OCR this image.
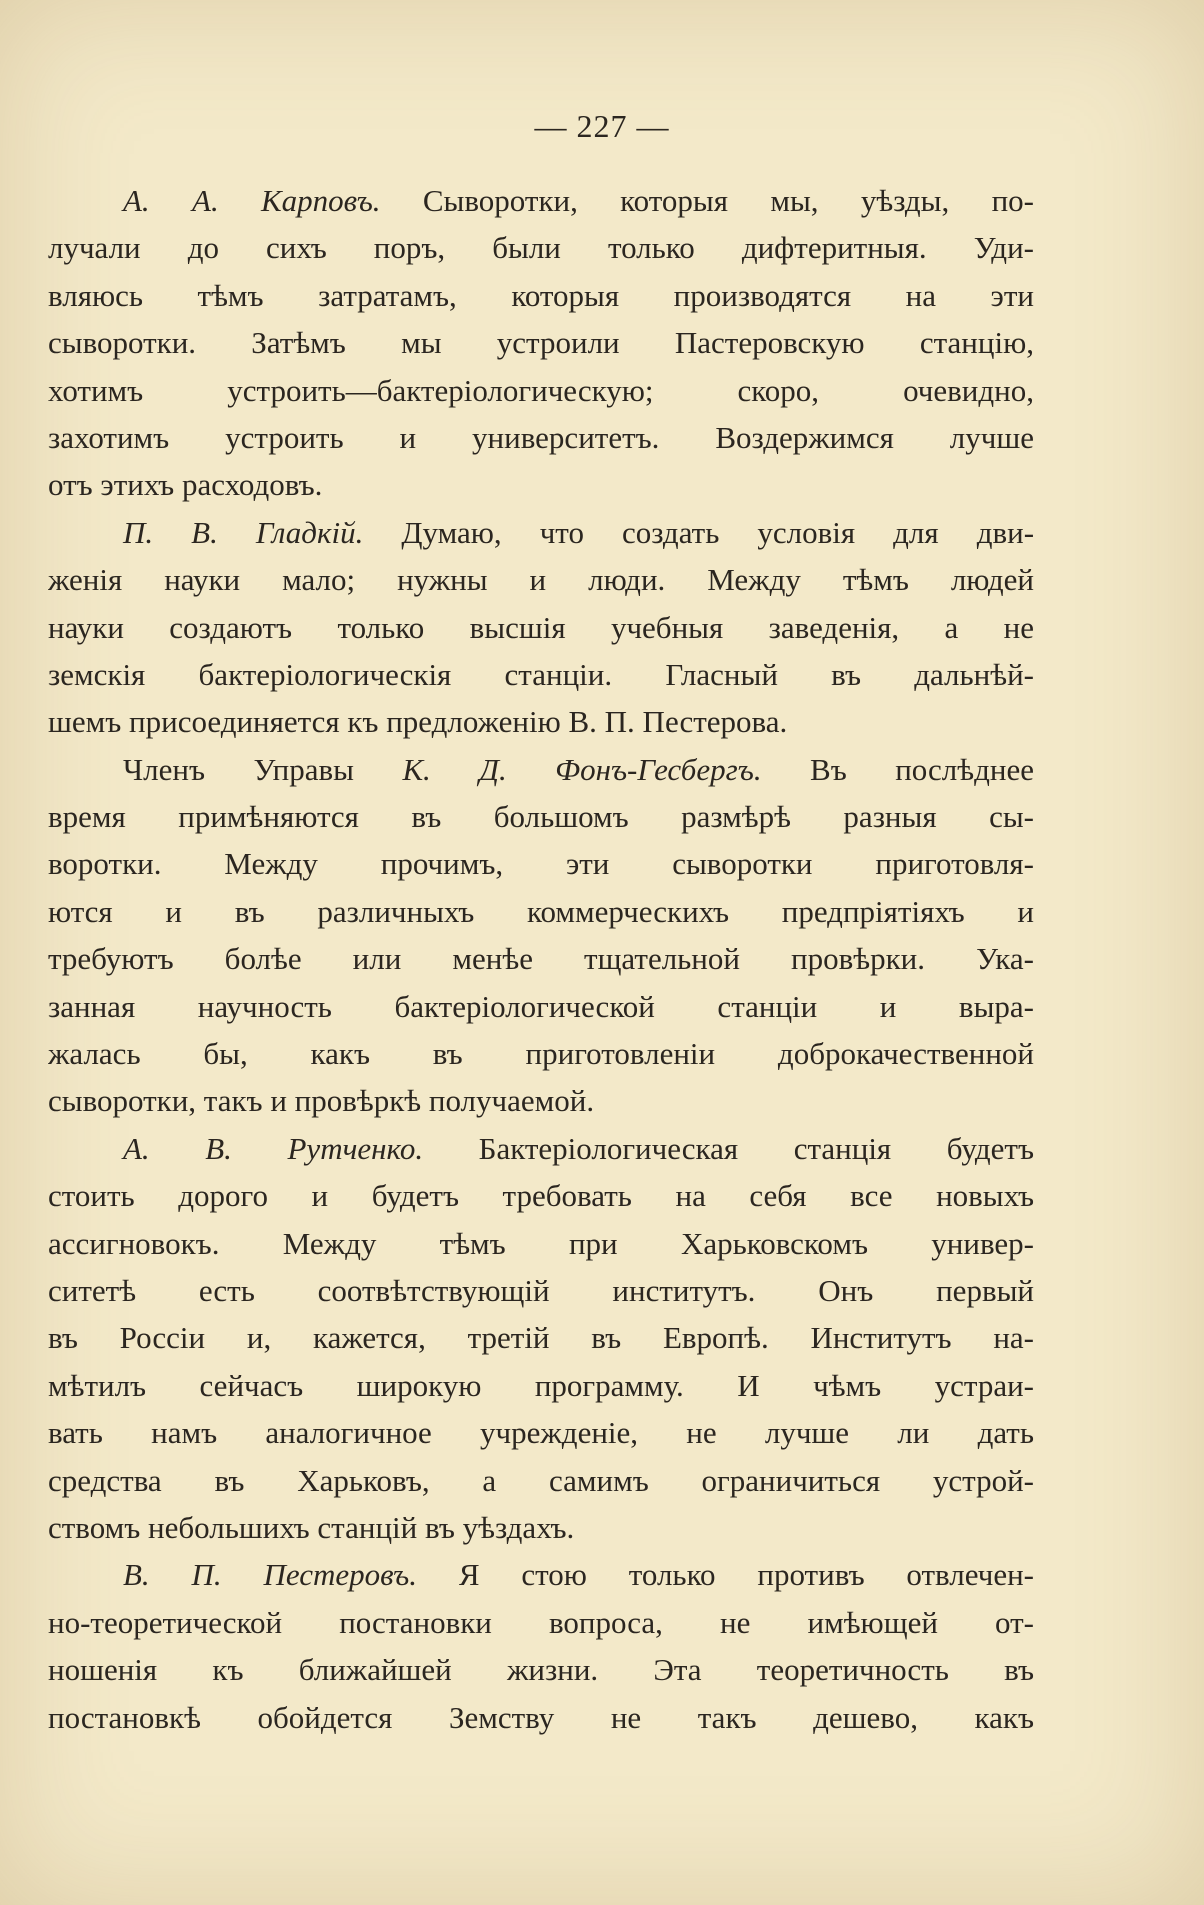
— 227 —
А. А. Карповъ. Сыворотки, которыя мы, уѣзды, по-
лучали до сихъ поръ, были только дифтеритныя. Уди-
вляюсь тѣмъ затратамъ, которыя производятся на эти
сыворотки. Затѣмъ мы устроили Пастеровскую станцію,
хотимъ устроить—бактеріологическую; скоро, очевидно,
захотимъ устроить и университетъ. Воздержимся лучше
отъ этихъ расходовъ.
П. В. Гладкій. Думаю, что создать условія для дви-
женія науки мало; нужны и люди. Между тѣмъ людей
науки создаютъ только высшія учебныя заведенія, а не
земскія бактеріологическія станціи. Гласный въ дальнѣй-
шемъ присоединяется къ предложенію В. П. Пестерова.
Членъ Управы К. Д. Фонъ-Гесбергъ. Въ послѣднее
время примѣняются въ большомъ размѣрѣ разныя сы-
воротки. Между прочимъ, эти сыворотки приготовля-
ются и въ различныхъ коммерческихъ предпріятіяхъ и
требуютъ болѣе или менѣе тщательной провѣрки. Ука-
занная научность бактеріологической станціи и выра-
жалась бы, какъ въ приготовленіи доброкачественной
сыворотки, такъ и провѣркѣ получаемой.
А. В. Рутченко. Бактеріологическая станція будетъ
стоить дорого и будетъ требовать на себя все новыхъ
ассигновокъ. Между тѣмъ при Харьковскомъ универ-
ситетѣ есть соотвѣтствующій институтъ. Онъ первый
въ Россіи и, кажется, третій въ Европѣ. Институтъ на-
мѣтилъ сейчасъ широкую программу. И чѣмъ устраи-
вать намъ аналогичное учрежденіе, не лучше ли дать
средства въ Харьковъ, а самимъ ограничиться устрой-
ствомъ небольшихъ станцій въ уѣздахъ.
В. П. Пестеровъ. Я стою только противъ отвлечен-
но-теоретической постановки вопроса, не имѣющей от-
ношенія къ ближайшей жизни. Эта теоретичность въ
постановкѣ обойдется Земству не такъ дешево, какъ
